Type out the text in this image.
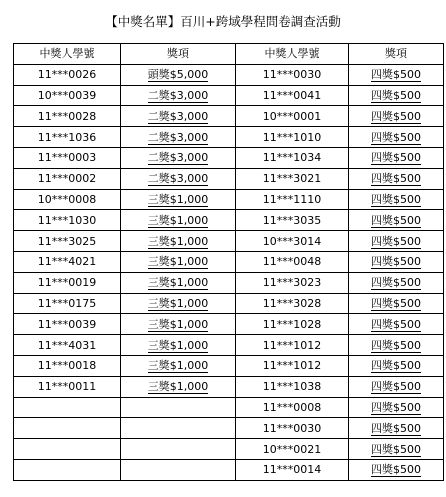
【中獎名單】百川+跨域學程問卷調查活動
中獎人學號	獎項	中獎人學號	獎項
11***0026	頭獎$5,000	11***0030	四獎$500
10***0039	二獎$3,000	11***0041	四獎$500
11***0028	二獎$3,000	10***0001	四獎$500
11***1036	二獎$3,000	11***1010	四獎$500
11***0003	二獎$3,000	11***1034	四獎$500
11***0002	二獎$3,000	11***3021	四獎$500
10***0008	三獎$1,000	11***1110	四獎$500
11***1030	三獎$1,000	11***3035	四獎$500
11***3025	三獎$1,000	10***3014	四獎$500
11***4021	三獎$1,000	11***0048	四獎$500
11***0019	三獎$1,000	11***3023	四獎$500
11***0175	三獎$1,000	11***3028	四獎$500
11***0039	三獎$1,000	11***1028	四獎$500
11***4031	三獎$1,000	11***1012	四獎$500
11***0018	三獎$1,000	11***1012	四獎$500
11***0011	三獎$1,000	11***1038	四獎$500
		11***0008	四獎$500
		11***0030	四獎$500
		10***0021	四獎$500
		11***0014	四獎$500
